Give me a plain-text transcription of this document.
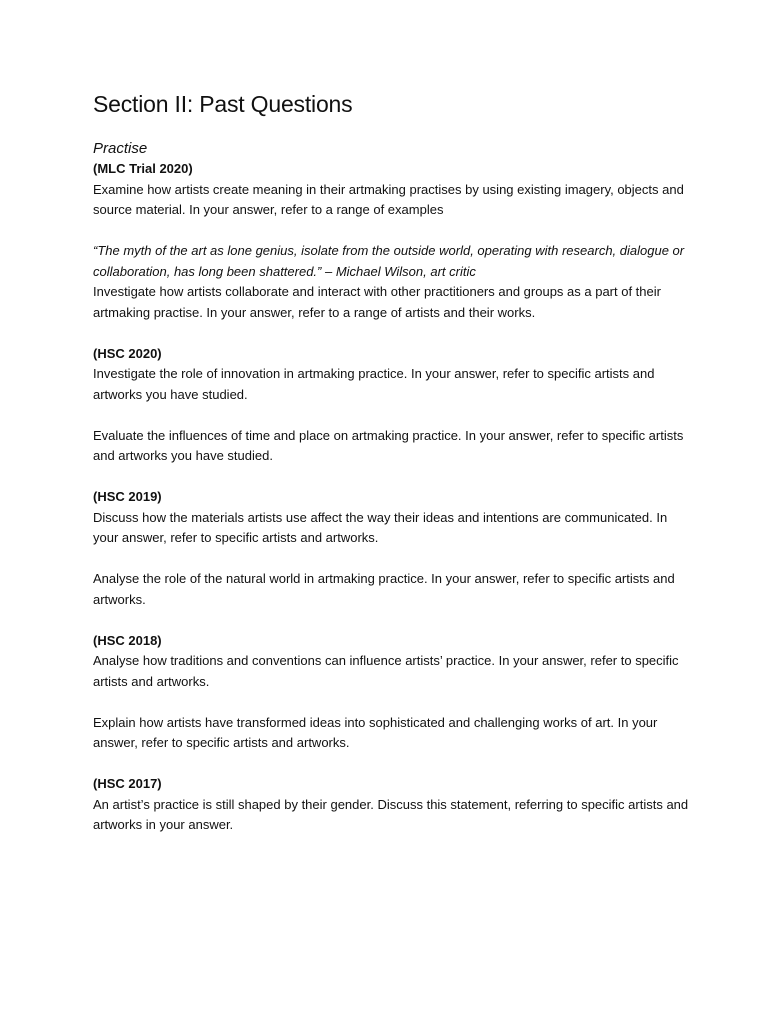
Section II: Past Questions

Practise

(MLC Trial 2020)

Examine how artists create meaning in their artmaking practises by using existing imagery, objects and source material. In your answer, refer to a range of examples

“The myth of the art as lone genius, isolate from the outside world, operating with research, dialogue or collaboration, has long been shattered.” – Michael Wilson, art critic

Investigate how artists collaborate and interact with other practitioners and groups as a part of their artmaking practise. In your answer, refer to a range of artists and their works.

(HSC 2020)

Investigate the role of innovation in artmaking practice. In your answer, refer to specific artists and artworks you have studied.

Evaluate the influences of time and place on artmaking practice. In your answer, refer to specific artists and artworks you have studied.

(HSC 2019)

Discuss how the materials artists use affect the way their ideas and intentions are communicated. In your answer, refer to specific artists and artworks.

Analyse the role of the natural world in artmaking practice. In your answer, refer to specific artists and artworks.

(HSC 2018)

Analyse how traditions and conventions can influence artists’ practice. In your answer, refer to specific artists and artworks.

Explain how artists have transformed ideas into sophisticated and challenging works of art. In your answer, refer to specific artists and artworks.

(HSC 2017)

An artist’s practice is still shaped by their gender. Discuss this statement, referring to specific artists and artworks in your answer.
